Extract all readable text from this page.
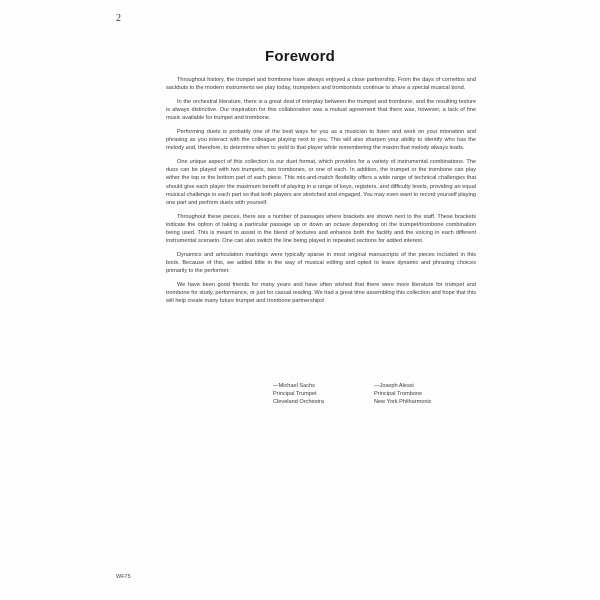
2
Foreword

Throughout history, the trumpet and trombone have always enjoyed a close partnership. From the days of cornettos and sackbuts to the modern instruments we play today, trumpeters and trombonists continue to share a special musical bond.

In the orchestral literature, there is a great deal of interplay between the trumpet and trombone, and the resulting texture is always distinctive. Our inspiration for this collaboration was a mutual agreement that there was, however, a lack of fine music available for trumpet and trombone.

Performing duets is probably one of the best ways for you as a musician to listen and work on your intonation and phrasing as you interact with the colleague playing next to you. This will also sharpen your ability to identify who has the melody and, therefore, to determine when to yield to that player while remembering the maxim that melody always leads.

One unique aspect of this collection is our duet format, which provides for a variety of instrumental combinations. The duos can be played with two trumpets, two trombones, or one of each. In addition, the trumpet or the trombone can play either the top or the bottom part of each piece. This mix-and-match flexibility offers a wide range of technical challenges that should give each player the maximum benefit of playing in a range of keys, registers, and difficulty levels, providing an equal musical challenge in each part so that both players are stretched and engaged. You may even want to record yourself playing one part and perform duets with yourself.

Throughout these pieces, there are a number of passages where brackets are shown next to the staff. These brackets indicate the option of taking a particular passage up or down an octave depending on the trumpet/trombone combination being used. This is meant to assist in the blend of textures and enhance both the facility and the voicing in each different instrumental scenario. One can also switch the line being played in repeated sections for added interest.

Dynamics and articulation markings were typically sparse in most original manuscripts of the pieces included in this book. Because of this, we added little in the way of musical editing and opted to leave dynamic and phrasing choices primarily to the performer.

We have been good friends for many years and have often wished that there were more literature for trumpet and trombone for study, performance, or just for casual reading. We had a great time assembling this collection and hope that this will help create many future trumpet and trombone partnerships!

—Michael Sachs
Principal Trumpet
Cleveland Orchestra
—Joseph Alessi
Principal Trombone
New York Philharmonic
WF75
